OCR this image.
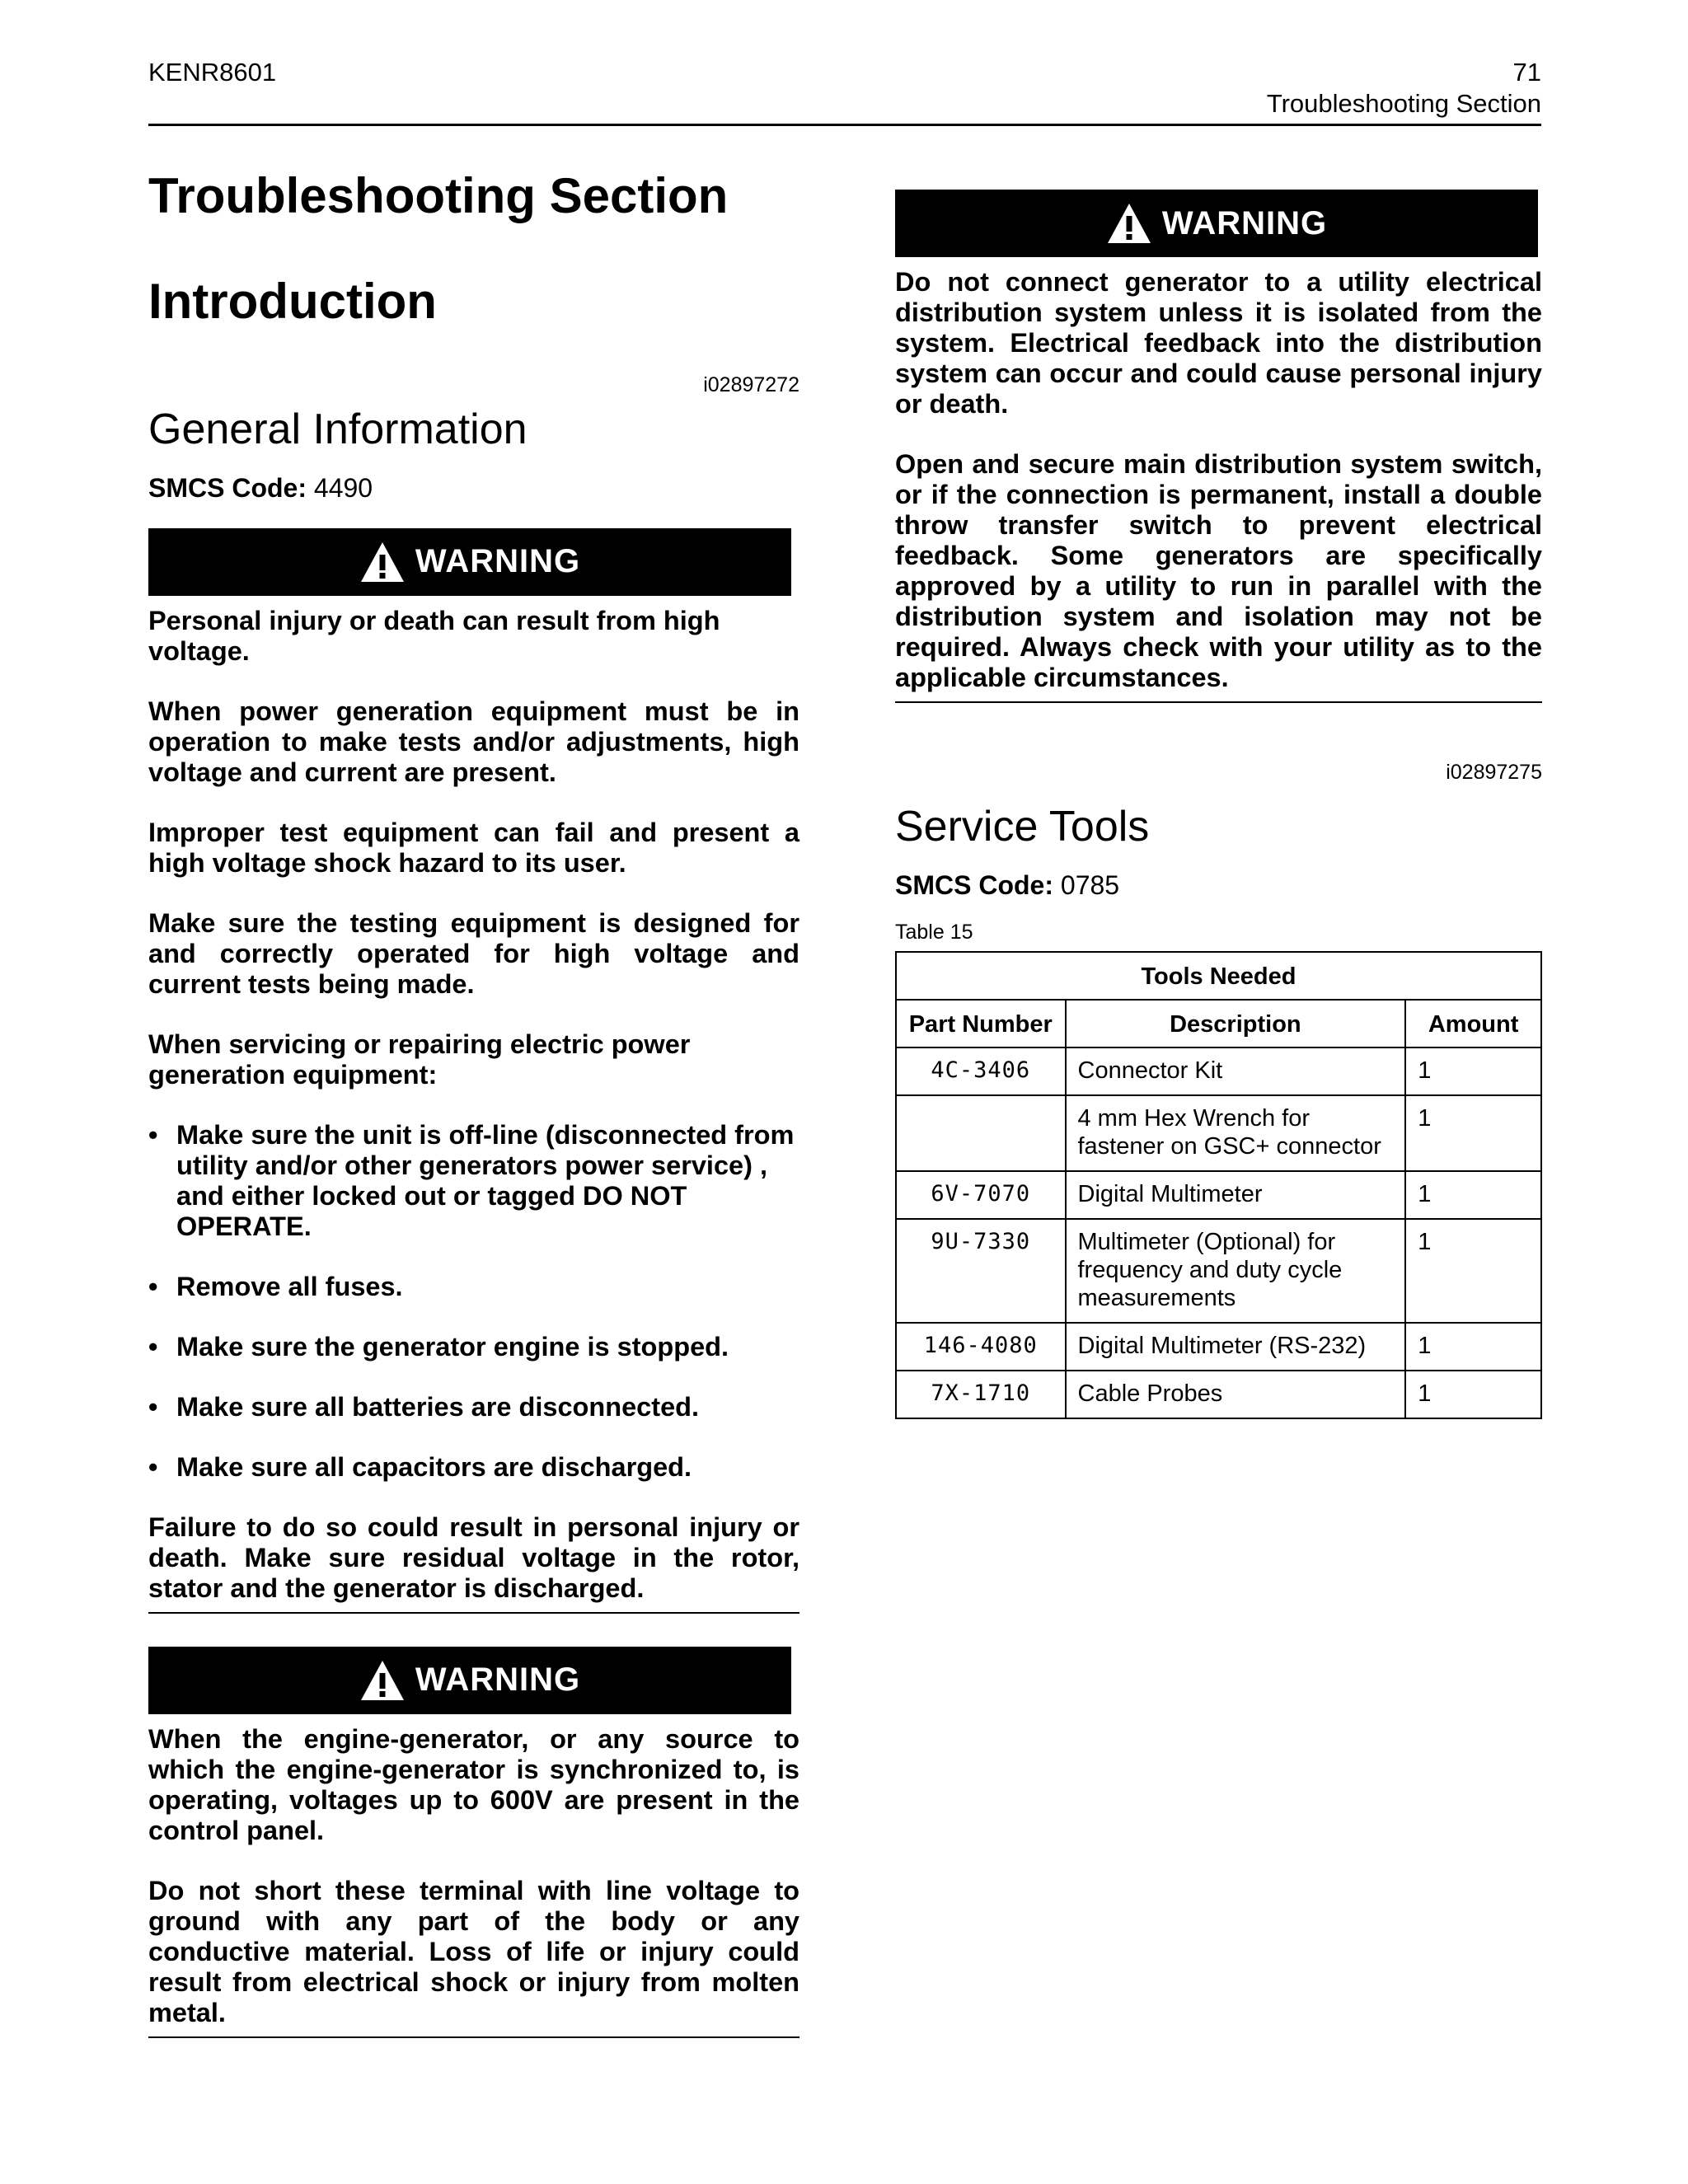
KENR8601	71
Troubleshooting Section
Troubleshooting Section
Introduction
i02897272
General Information
SMCS Code: 4490
WARNING

Personal injury or death can result from high voltage.

When power generation equipment must be in operation to make tests and/or adjustments, high voltage and current are present.

Improper test equipment can fail and present a high voltage shock hazard to its user.

Make sure the testing equipment is designed for and correctly operated for high voltage and current tests being made.

When servicing or repairing electric power generation equipment:

• Make sure the unit is off-line (disconnected from utility and/or other generators power service) , and either locked out or tagged DO NOT OPERATE.
• Remove all fuses.
• Make sure the generator engine is stopped.
• Make sure all batteries are disconnected.
• Make sure all capacitors are discharged.

Failure to do so could result in personal injury or death. Make sure residual voltage in the rotor, stator and the generator is discharged.

WARNING

When the engine-generator, or any source to which the engine-generator is synchronized to, is operating, voltages up to 600V are present in the control panel.

Do not short these terminal with line voltage to ground with any part of the body or any conductive material. Loss of life or injury could result from electrical shock or injury from molten metal.

WARNING

Do not connect generator to a utility electrical distribution system unless it is isolated from the system. Electrical feedback into the distribution system can occur and could cause personal injury or death.

Open and secure main distribution system switch, or if the connection is permanent, install a double throw transfer switch to prevent electrical feedback. Some generators are specifically approved by a utility to run in parallel with the distribution system and isolation may not be required. Always check with your utility as to the applicable circumstances.

i02897275
Service Tools
SMCS Code: 0785
Table 15
Tools Needed		
Part Number	Description	Amount
4C-3406	Connector Kit	1
	4 mm Hex Wrench for fastener on GSC+ connector	1
6V-7070	Digital Multimeter	1
9U-7330	Multimeter (Optional) for frequency and duty cycle measurements	1
146-4080	Digital Multimeter (RS-232)	1
7X-1710	Cable Probes	1
